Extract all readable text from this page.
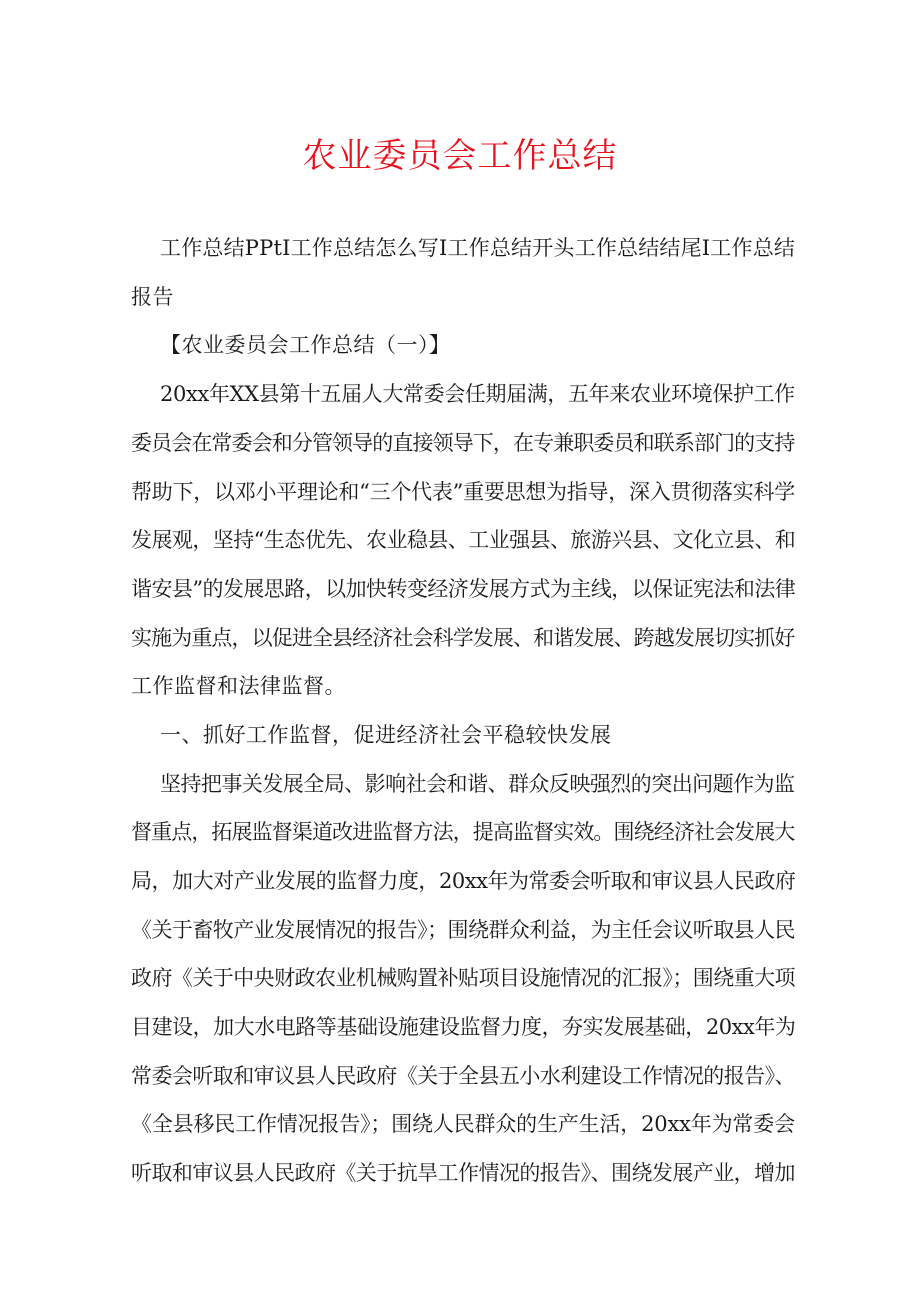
农业委员会工作总结
工作总结PPtI工作总结怎么写I工作总结开头工作总结结尾I工作总结
报告
【农业委员会工作总结（一）】
20xx年XX县第十五届人大常委会任期届满，五年来农业环境保护工作
委员会在常委会和分管领导的直接领导下，在专兼职委员和联系部门的支持
帮助下，以邓小平理论和“三个代表”重要思想为指导，深入贯彻落实科学
发展观，坚持“生态优先、农业稳县、工业强县、旅游兴县、文化立县、和
谐安县”的发展思路，以加快转变经济发展方式为主线，以保证宪法和法律
实施为重点，以促进全县经济社会科学发展、和谐发展、跨越发展切实抓好
工作监督和法律监督。
一、抓好工作监督，促进经济社会平稳较快发展
坚持把事关发展全局、影响社会和谐、群众反映强烈的突出问题作为监
督重点，拓展监督渠道改进监督方法，提高监督实效。围绕经济社会发展大
局，加大对产业发展的监督力度，20xx年为常委会听取和审议县人民政府
《关于畜牧产业发展情况的报告》；围绕群众利益，为主任会议听取县人民
政府《关于中央财政农业机械购置补贴项目设施情况的汇报》；围绕重大项
目建设，加大水电路等基础设施建设监督力度，夯实发展基础，20xx年为
常委会听取和审议县人民政府《关于全县五小水利建设工作情况的报告》、
《全县移民工作情况报告》；围绕人民群众的生产生活，20xx年为常委会
听取和审议县人民政府《关于抗旱工作情况的报告》、围绕发展产业，增加
